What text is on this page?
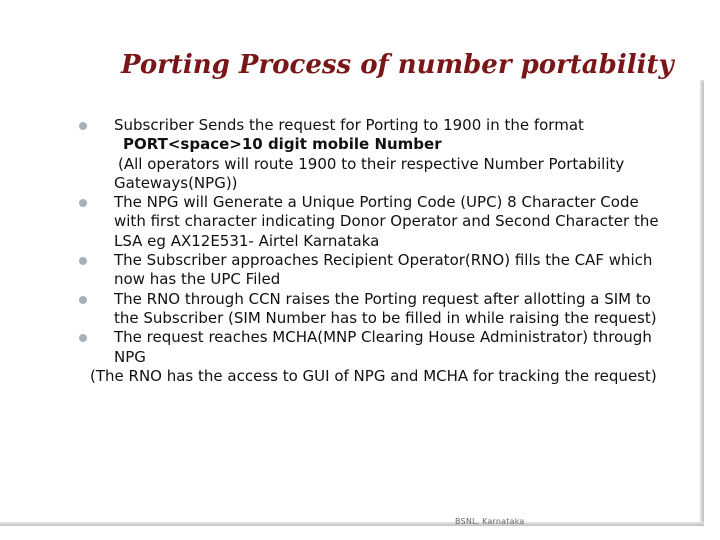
Porting Process of number portability
Subscriber Sends the request for Porting to 1900 in the format
PORT<space>10 digit mobile Number
(All operators will route 1900 to their respective Number Portability
Gateways(NPG))
The NPG will Generate a Unique Porting Code (UPC) 8 Character Code
with first character indicating Donor Operator and Second Character the
LSA eg AX12E531- Airtel Karnataka
The Subscriber approaches Recipient Operator(RNO) fills the CAF which
now has the UPC Filed
The RNO through CCN raises the Porting request after allotting a SIM to
the Subscriber (SIM Number has to be filled in while raising the request)
The request reaches MCHA(MNP Clearing House Administrator) through
NPG
(The RNO has the access to GUI of NPG and MCHA for tracking the request)
BSNL, Karnataka
